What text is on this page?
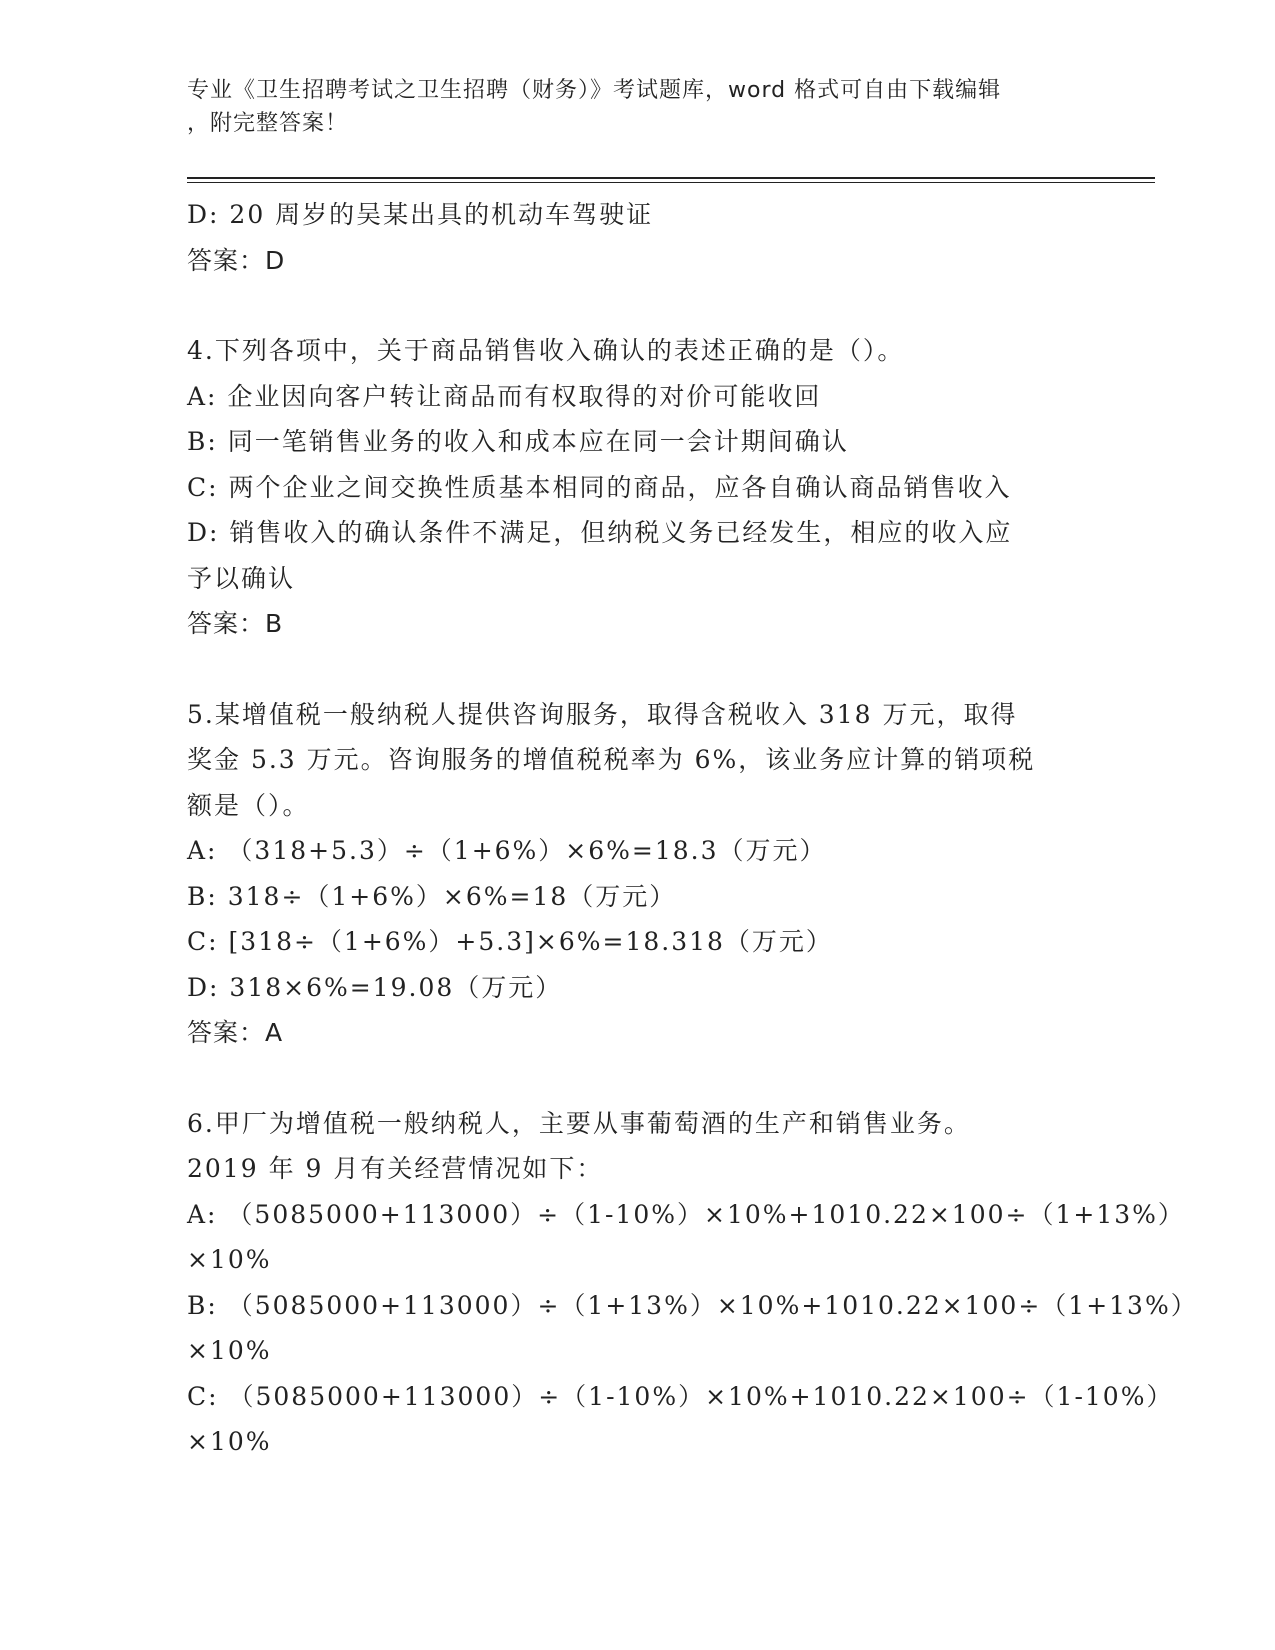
专业《卫生招聘考试之卫生招聘（财务）》考试题库，word 格式可自由下载编辑
，附完整答案！
D: 20 周岁的吴某出具的机动车驾驶证
答案：D
4.下列各项中，关于商品销售收入确认的表述正确的是（）。
A: 企业因向客户转让商品而有权取得的对价可能收回
B: 同一笔销售业务的收入和成本应在同一会计期间确认
C: 两个企业之间交换性质基本相同的商品，应各自确认商品销售收入
D: 销售收入的确认条件不满足，但纳税义务已经发生，相应的收入应
予以确认
答案：B
5.某增值税一般纳税人提供咨询服务，取得含税收入 318 万元，取得
奖金 5.3 万元。咨询服务的增值税税率为 6%，该业务应计算的销项税
额是（）。
A: （318+5.3）÷（1+6%）×6%=18.3（万元）
B: 318÷（1+6%）×6%=18（万元）
C: [318÷（1+6%）+5.3]×6%=18.318（万元）
D: 318×6%=19.08（万元）
答案：A
6.甲厂为增值税一般纳税人，主要从事葡萄酒的生产和销售业务。
2019 年 9 月有关经营情况如下：
A: （5085000+113000）÷（1-10%）×10%+1010.22×100÷（1+13%）
×10%
B: （5085000+113000）÷（1+13%）×10%+1010.22×100÷（1+13%）
×10%
C: （5085000+113000）÷（1-10%）×10%+1010.22×100÷（1-10%）
×10%
